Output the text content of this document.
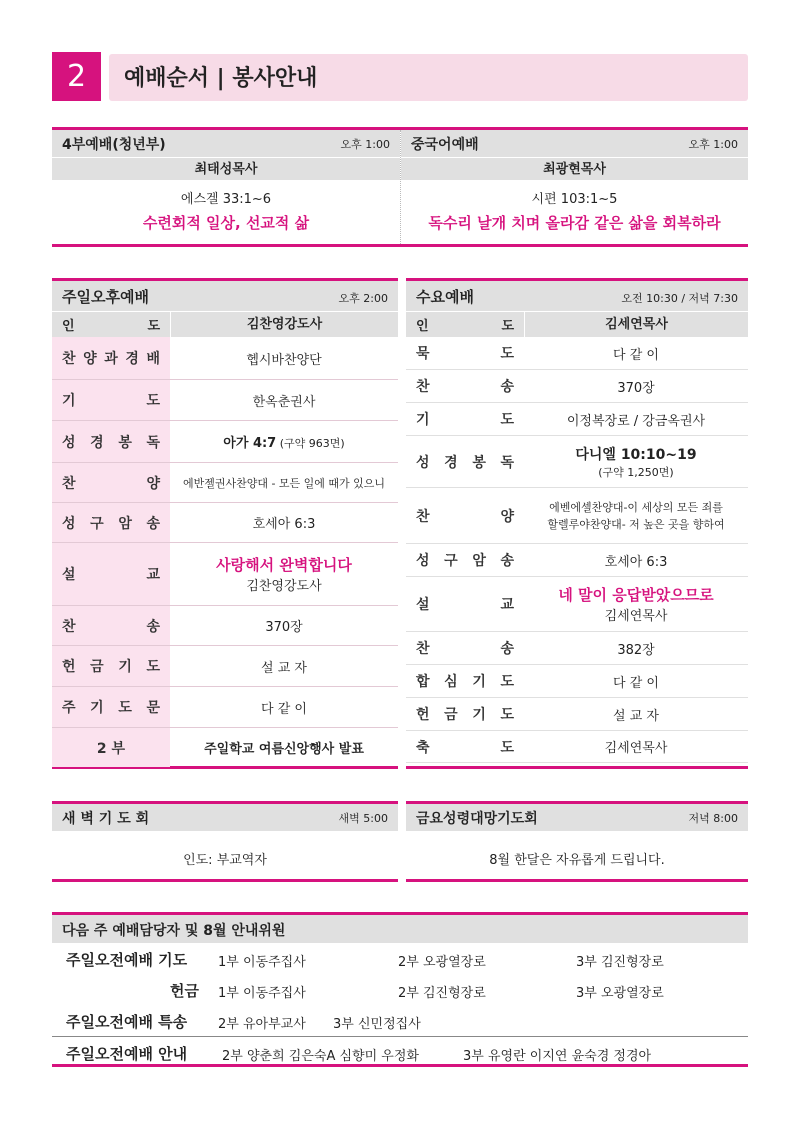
2	예배순서 | 봉사안내
4부예배(청년부)	오후 1:00
최태성목사
에스겔 33:1~6
수련회적 일상, 선교적 삶
중국어예배	오후 1:00
최광현목사
시편 103:1~5
독수리 날개 치며 올라감 같은 삶을 회복하라
주일오후예배	오후 2:00
인	도	김찬영강도사
찬 양 과 경 배	헵시바찬양단
기	도	한옥춘권사
성 경 봉 독	아가 4:7 (구약 963면)
찬	양	에반젤권사찬양대 - 모든 일에 때가 있으니
성 구 암 송	호세아 6:3
설	교
사랑해서 완벽합니다
김찬영강도사
찬	송	370장
헌 금 기 도	설 교 자
주 기 도 문	다 같 이
2 부	주일학교 여름신앙행사 발표
수요예배	오전 10:30 / 저녁 7:30
인	도	김세연목사
묵	도	다 같 이
찬	송	370장
기	도	이정복장로 / 강금옥권사
성 경 봉 독	다니엘 10:10~19
(구약 1,250면)
찬	양
에벤에셀찬양대-이 세상의 모든 죄를
할렐루야찬양대- 저 높은 곳을 향하여
성 구 암 송	호세아 6:3
설	교
네 말이 응답받았으므로
김세연목사
찬	송	382장
합 심 기 도	다 같 이
헌 금 기 도	설 교 자
축	도	김세연목사
새 벽 기 도 회	새벽 5:00
인도: 부교역자
금요성령대망기도회	저녁 8:00
8월 한달은 자유롭게 드립니다.
다음 주 예배담당자 및 8월 안내위원
주일오전예배 기도 1부 이동주집사	2부 오광열장로	3부 김진형장로
헌금 1부 이동주집사	2부 김진형장로	3부 오광열장로
주일오전예배 특송 2부 유아부교사 3부 신민정집사
주일오전예배 안내	2부 양춘희 김은숙A 심향미 우정화	3부 유영란 이지연 윤숙경 정경아
